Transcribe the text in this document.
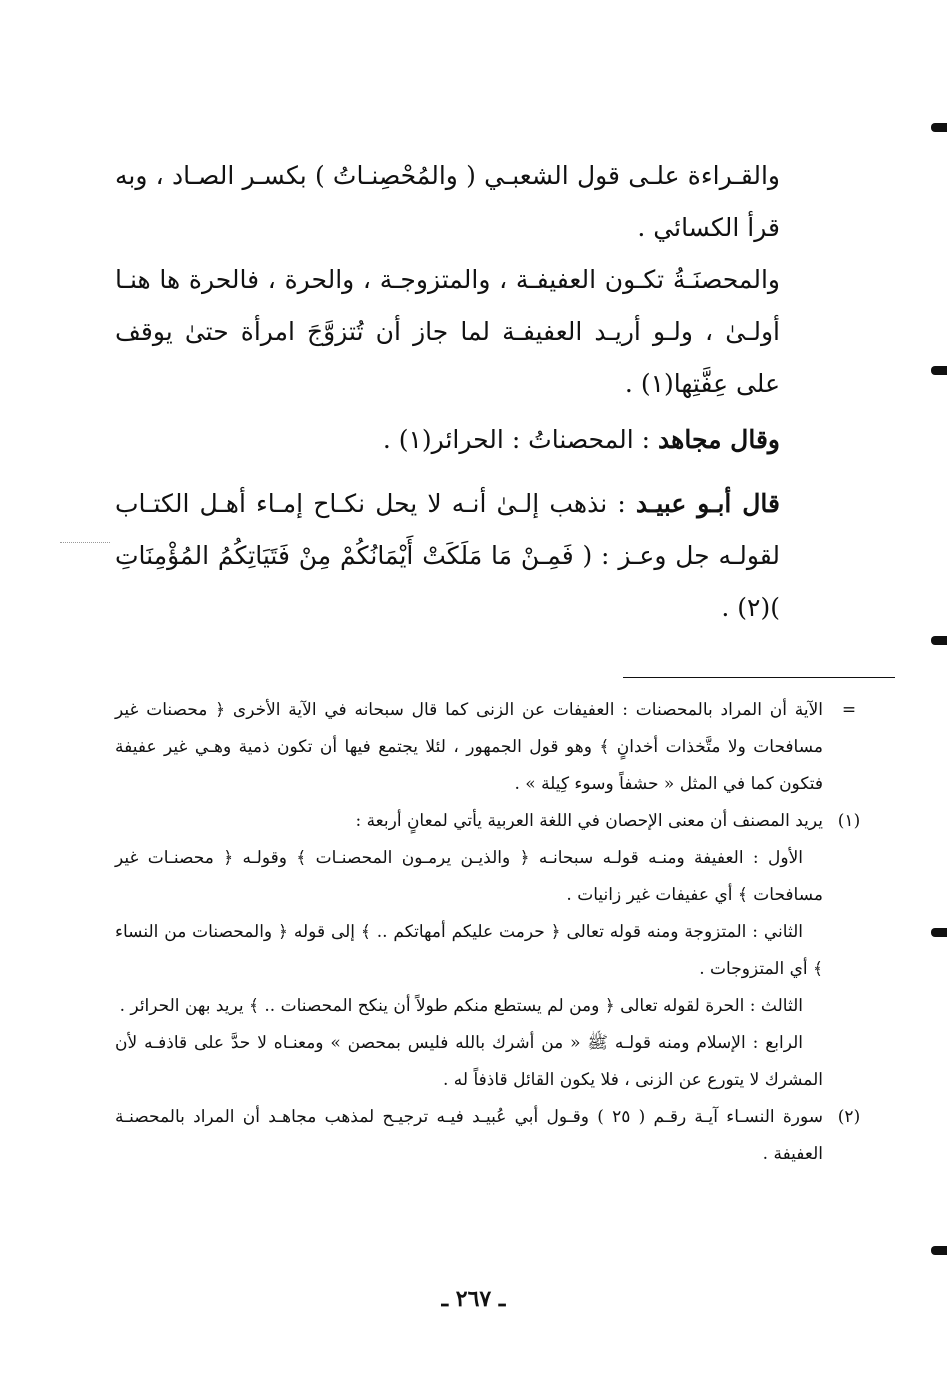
والقـراءة علـى قول الشعبـي ( والمُحْصِنـاتُ ) بكسـر الصـاد ، وبه قرأ الكسائي .

والمحصنَـةُ تكـون العفيفـة ، والمتزوجـة ، والحرة ، فالحرة ها هنـا أولـىٰ ، ولـو أريـد العفيفـة لما جاز أن تُتزوَّجَ امرأة حتىٰ يوقف على عِفَّتِها(١) .

وقال مجاهد : المحصناتُ : الحرائر(١) .

قال أبـو عبيـد : نذهب إلـىٰ أنـه لا يحل نكـاح إمـاء أهـل الكتـاب لقولـه جل وعـز : ( فَمِـنْ مَا مَلَكَتْ أَيْمَانُكُمْ مِنْ فَتَيَاتِكُمُ المُؤْمِنَاتِ )(٢) .

=

الآية أن المراد بالمحصنات : العفيفات عن الزنى كما قال سبحانه في الآية الأخرى ﴿ محصنات غير مسافحات ولا متَّخذات أخدانٍ ﴾ وهو قول الجمهور ، لئلا يجتمع فيها أن تكون ذمية وهـي غير عفيفة فتكون كما في المثل « حشفاً وسوء كِيلة » .

(١)

يريد المصنف أن معنى الإحصان في اللغة العربية يأتي لمعانٍ أربعة :

الأول : العفيفة ومنـه قولـه سبحانـه ﴿ والذيـن يرمـون المحصنـات ﴾ وقولـه ﴿ محصنـات غير مسافحات ﴾ أي عفيفات غير زانيات .

الثاني : المتزوجة ومنه قوله تعالى ﴿ حرمت عليكم أمهاتكم .. ﴾ إلى قوله ﴿ والمحصنات من النساء ﴾ أي المتزوجات .

الثالث : الحرة لقوله تعالى ﴿ ومن لم يستطع منكم طولاً أن ينكح المحصنات .. ﴾ يريد بهن الحرائر .

الرابع : الإسلام ومنه قولـه ﷺ « من أشرك بالله فليس بمحصن » ومعنـاه لا حدَّ على قاذفـه لأن المشرك لا يتورع عن الزنى ، فلا يكون القائل قاذفاً له .

(٢)

سورة النسـاء آيـة رقـم ( ٢٥ ) وقـول أبي عُبيـد فيـه ترجيـح لمذهب مجاهـد أن المراد بالمحصنـة العفيفة .

ـ ٢٦٧ ـ
